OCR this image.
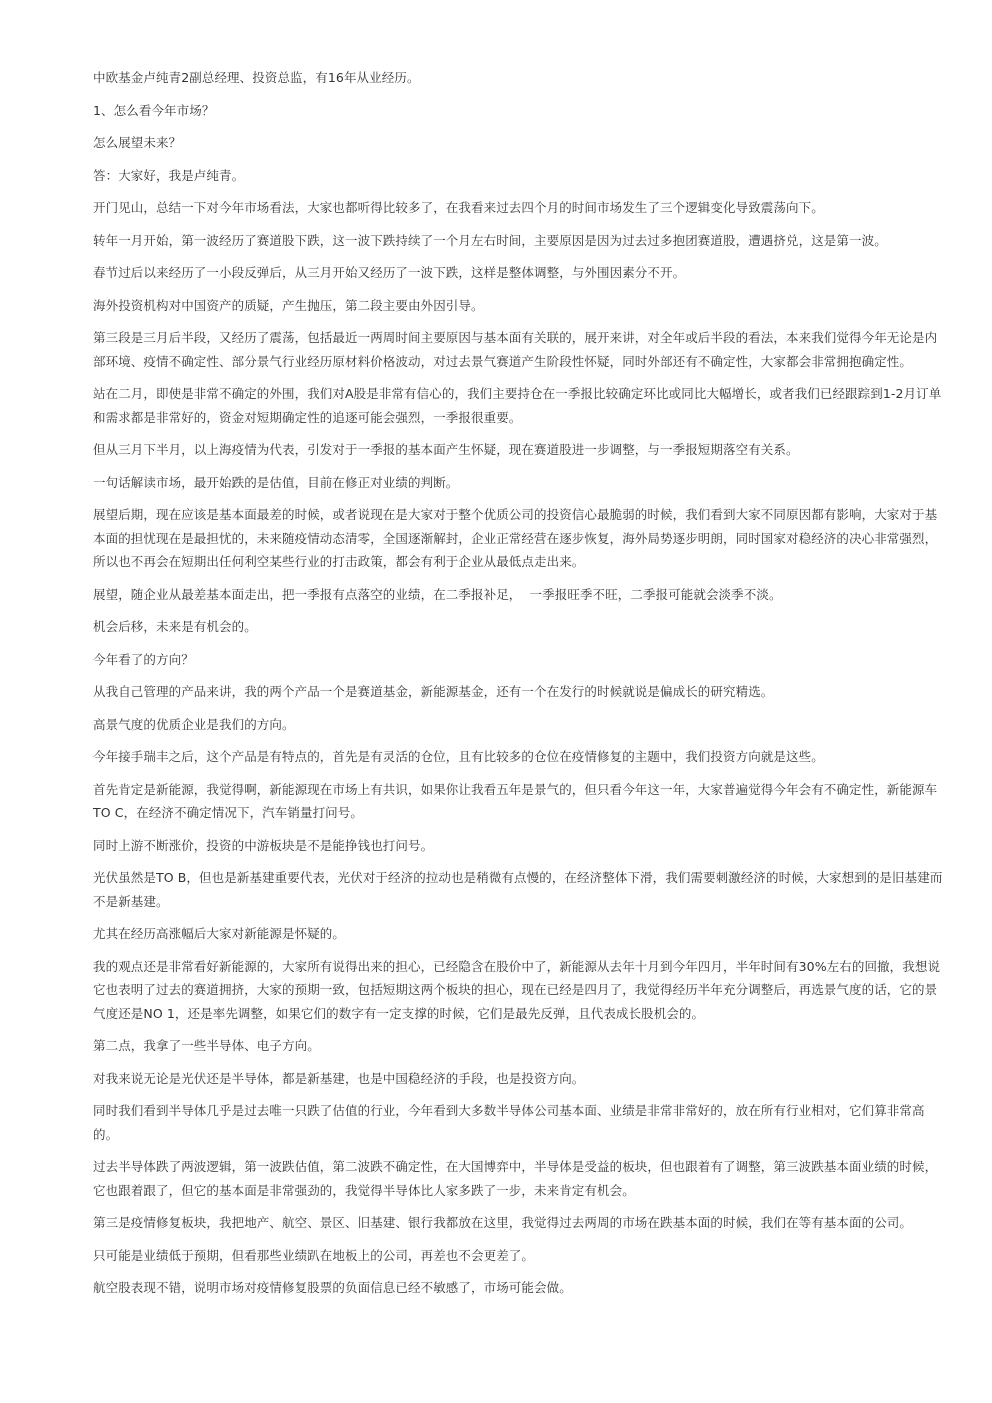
中欧基金卢纯青2副总经理、投资总监，有16年从业经历。

1、怎么看今年市场？

怎么展望未来？

答：大家好，我是卢纯青。

开门见山，总结一下对今年市场看法，大家也都听得比较多了，在我看来过去四个月的时间市场发生了三个逻辑变化导致震荡向下。

转年一月开始，第一波经历了赛道股下跌，这一波下跌持续了一个月左右时间，主要原因是因为过去过多抱团赛道股，遭遇挤兑，这是第一波。

春节过后以来经历了一小段反弹后，从三月开始又经历了一波下跌，这样是整体调整，与外围因素分不开。

海外投资机构对中国资产的质疑，产生抛压，第二段主要由外因引导。

第三段是三月后半段，又经历了震荡，包括最近一两周时间主要原因与基本面有关联的，展开来讲，对全年或后半段的看法，本来我们觉得今年无论是内部环境、疫情不确定性、部分景气行业经历原材料价格波动，对过去景气赛道产生阶段性怀疑，同时外部还有不确定性，大家都会非常拥抱确定性。

站在二月，即使是非常不确定的外围，我们对A股是非常有信心的，我们主要持仓在一季报比较确定环比或同比大幅增长，或者我们已经跟踪到1-2月订单和需求都是非常好的，资金对短期确定性的追逐可能会强烈，一季报很重要。

但从三月下半月，以上海疫情为代表，引发对于一季报的基本面产生怀疑，现在赛道股进一步调整，与一季报短期落空有关系。

一句话解读市场，最开始跌的是估值，目前在修正对业绩的判断。

展望后期，现在应该是基本面最差的时候，或者说现在是大家对于整个优质公司的投资信心最脆弱的时候，我们看到大家不同原因都有影响，大家对于基本面的担忧现在是最担忧的，未来随疫情动态清零，全国逐渐解封，企业正常经营在逐步恢复，海外局势逐步明朗，同时国家对稳经济的决心非常强烈，所以也不再会在短期出任何利空某些行业的打击政策，都会有利于企业从最低点走出来。

展望，随企业从最差基本面走出，把一季报有点落空的业绩，在二季报补足，  一季报旺季不旺，二季报可能就会淡季不淡。

机会后移，未来是有机会的。

今年看了的方向？

从我自己管理的产品来讲，我的两个产品一个是赛道基金，新能源基金，还有一个在发行的时候就说是偏成长的研究精选。

高景气度的优质企业是我们的方向。

今年接手瑞丰之后，这个产品是有特点的，首先是有灵活的仓位，且有比较多的仓位在疫情修复的主题中，我们投资方向就是这些。

首先肯定是新能源，我觉得啊，新能源现在市场上有共识，如果你让我看五年是景气的，但只看今年这一年，大家普遍觉得今年会有不确定性，新能源车TO C，在经济不确定情况下，汽车销量打问号。

同时上游不断涨价，投资的中游板块是不是能挣钱也打问号。

光伏虽然是TO B，但也是新基建重要代表，光伏对于经济的拉动也是稍微有点慢的，在经济整体下滑，我们需要刺激经济的时候，大家想到的是旧基建而不是新基建。

尤其在经历高涨幅后大家对新能源是怀疑的。

我的观点还是非常看好新能源的，大家所有说得出来的担心，已经隐含在股价中了，新能源从去年十月到今年四月，半年时间有30%左右的回撤，我想说它也表明了过去的赛道拥挤，大家的预期一致，包括短期这两个板块的担心，现在已经是四月了，我觉得经历半年充分调整后，再选景气度的话，它的景气度还是NO 1，还是率先调整，如果它们的数字有一定支撑的时候，它们是最先反弹，且代表成长股机会的。

第二点，我拿了一些半导体、电子方向。

对我来说无论是光伏还是半导体，都是新基建，也是中国稳经济的手段，也是投资方向。

同时我们看到半导体几乎是过去唯一只跌了估值的行业，今年看到大多数半导体公司基本面、业绩是非常非常好的，放在所有行业相对，它们算非常高的。

过去半导体跌了两波逻辑，第一波跌估值，第二波跌不确定性，在大国博弈中，半导体是受益的板块，但也跟着有了调整，第三波跌基本面业绩的时候，它也跟着跟了，但它的基本面是非常强劲的，我觉得半导体比人家多跌了一步，未来肯定有机会。

第三是疫情修复板块，我把地产、航空、景区、旧基建、银行我都放在这里，我觉得过去两周的市场在跌基本面的时候，我们在等有基本面的公司。

只可能是业绩低于预期，但看那些业绩趴在地板上的公司，再差也不会更差了。

航空股表现不错，说明市场对疫情修复股票的负面信息已经不敏感了，市场可能会做。
